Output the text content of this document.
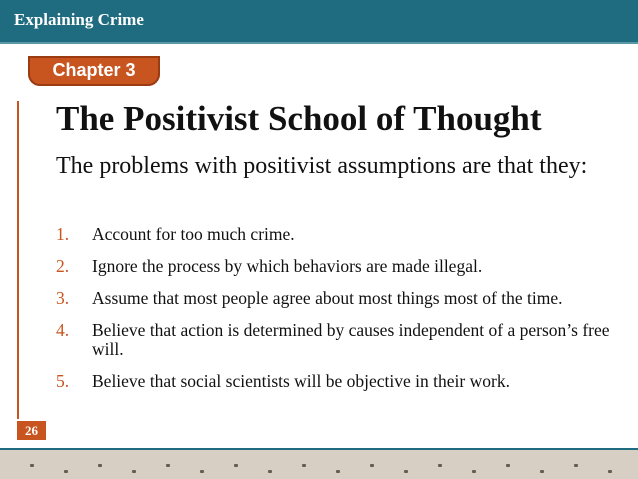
Explaining Crime
Chapter 3
26
The Positivist School of Thought
The problems with positivist assumptions are that they:
1. Account for too much crime.
2. Ignore the process by which behaviors are made illegal.
3. Assume that most people agree about most things most of the time.
4. Believe that action is determined by causes independent of a person’s free will.
5. Believe that social scientists will be objective in their work.
